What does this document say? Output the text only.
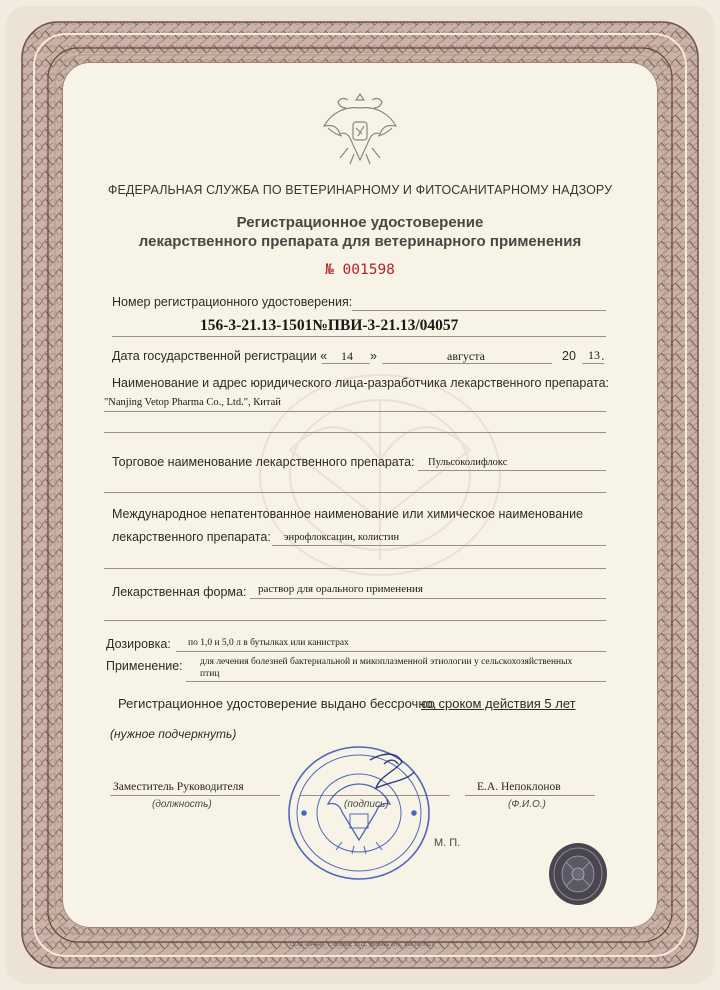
ФЕДЕРАЛЬНАЯ СЛУЖБА ПО ВЕТЕРИНАРНОМУ И ФИТОСАНИТАРНОМУ НАДЗОРУ
Регистрационное удостоверение
лекарственного препарата для ветеринарного применения
№ 001598
Номер регистрационного удостоверения:
156-3-21.13-1501№ПВИ-3-21.13/04057
Дата государственной регистрации « 14 »	августа	20 13 .
Наименование и адрес юридического лица-разработчика лекарственного препарата:
"Nanjing Vetop Pharma Co., Ltd.", Китай
Торговое наименование лекарственного препарата: Пульсоколифлокс
Международное непатентованное наименование или химическое наименование
лекарственного препарата: энрофлоксацин, колистин
Лекарственная форма: раствор для орального применения
Дозировка: по 1,0 и 5,0 л в бутылках или канистрах
Применение: для лечения болезней бактериальной и микоплазменной этиологии у сельскохозяйственных
птиц
Регистрационное удостоверение выдано бессрочно,
со сроком действия 5 лет
(нужное подчеркнуть)
Заместитель Руководителя
(должность)	(подпись)
Е.А. Непоклонов
(Ф.И.О.)
М. П.
ООО «ЗНАК», г. Москва, 2011, уровень «Б», зак. № 8922
